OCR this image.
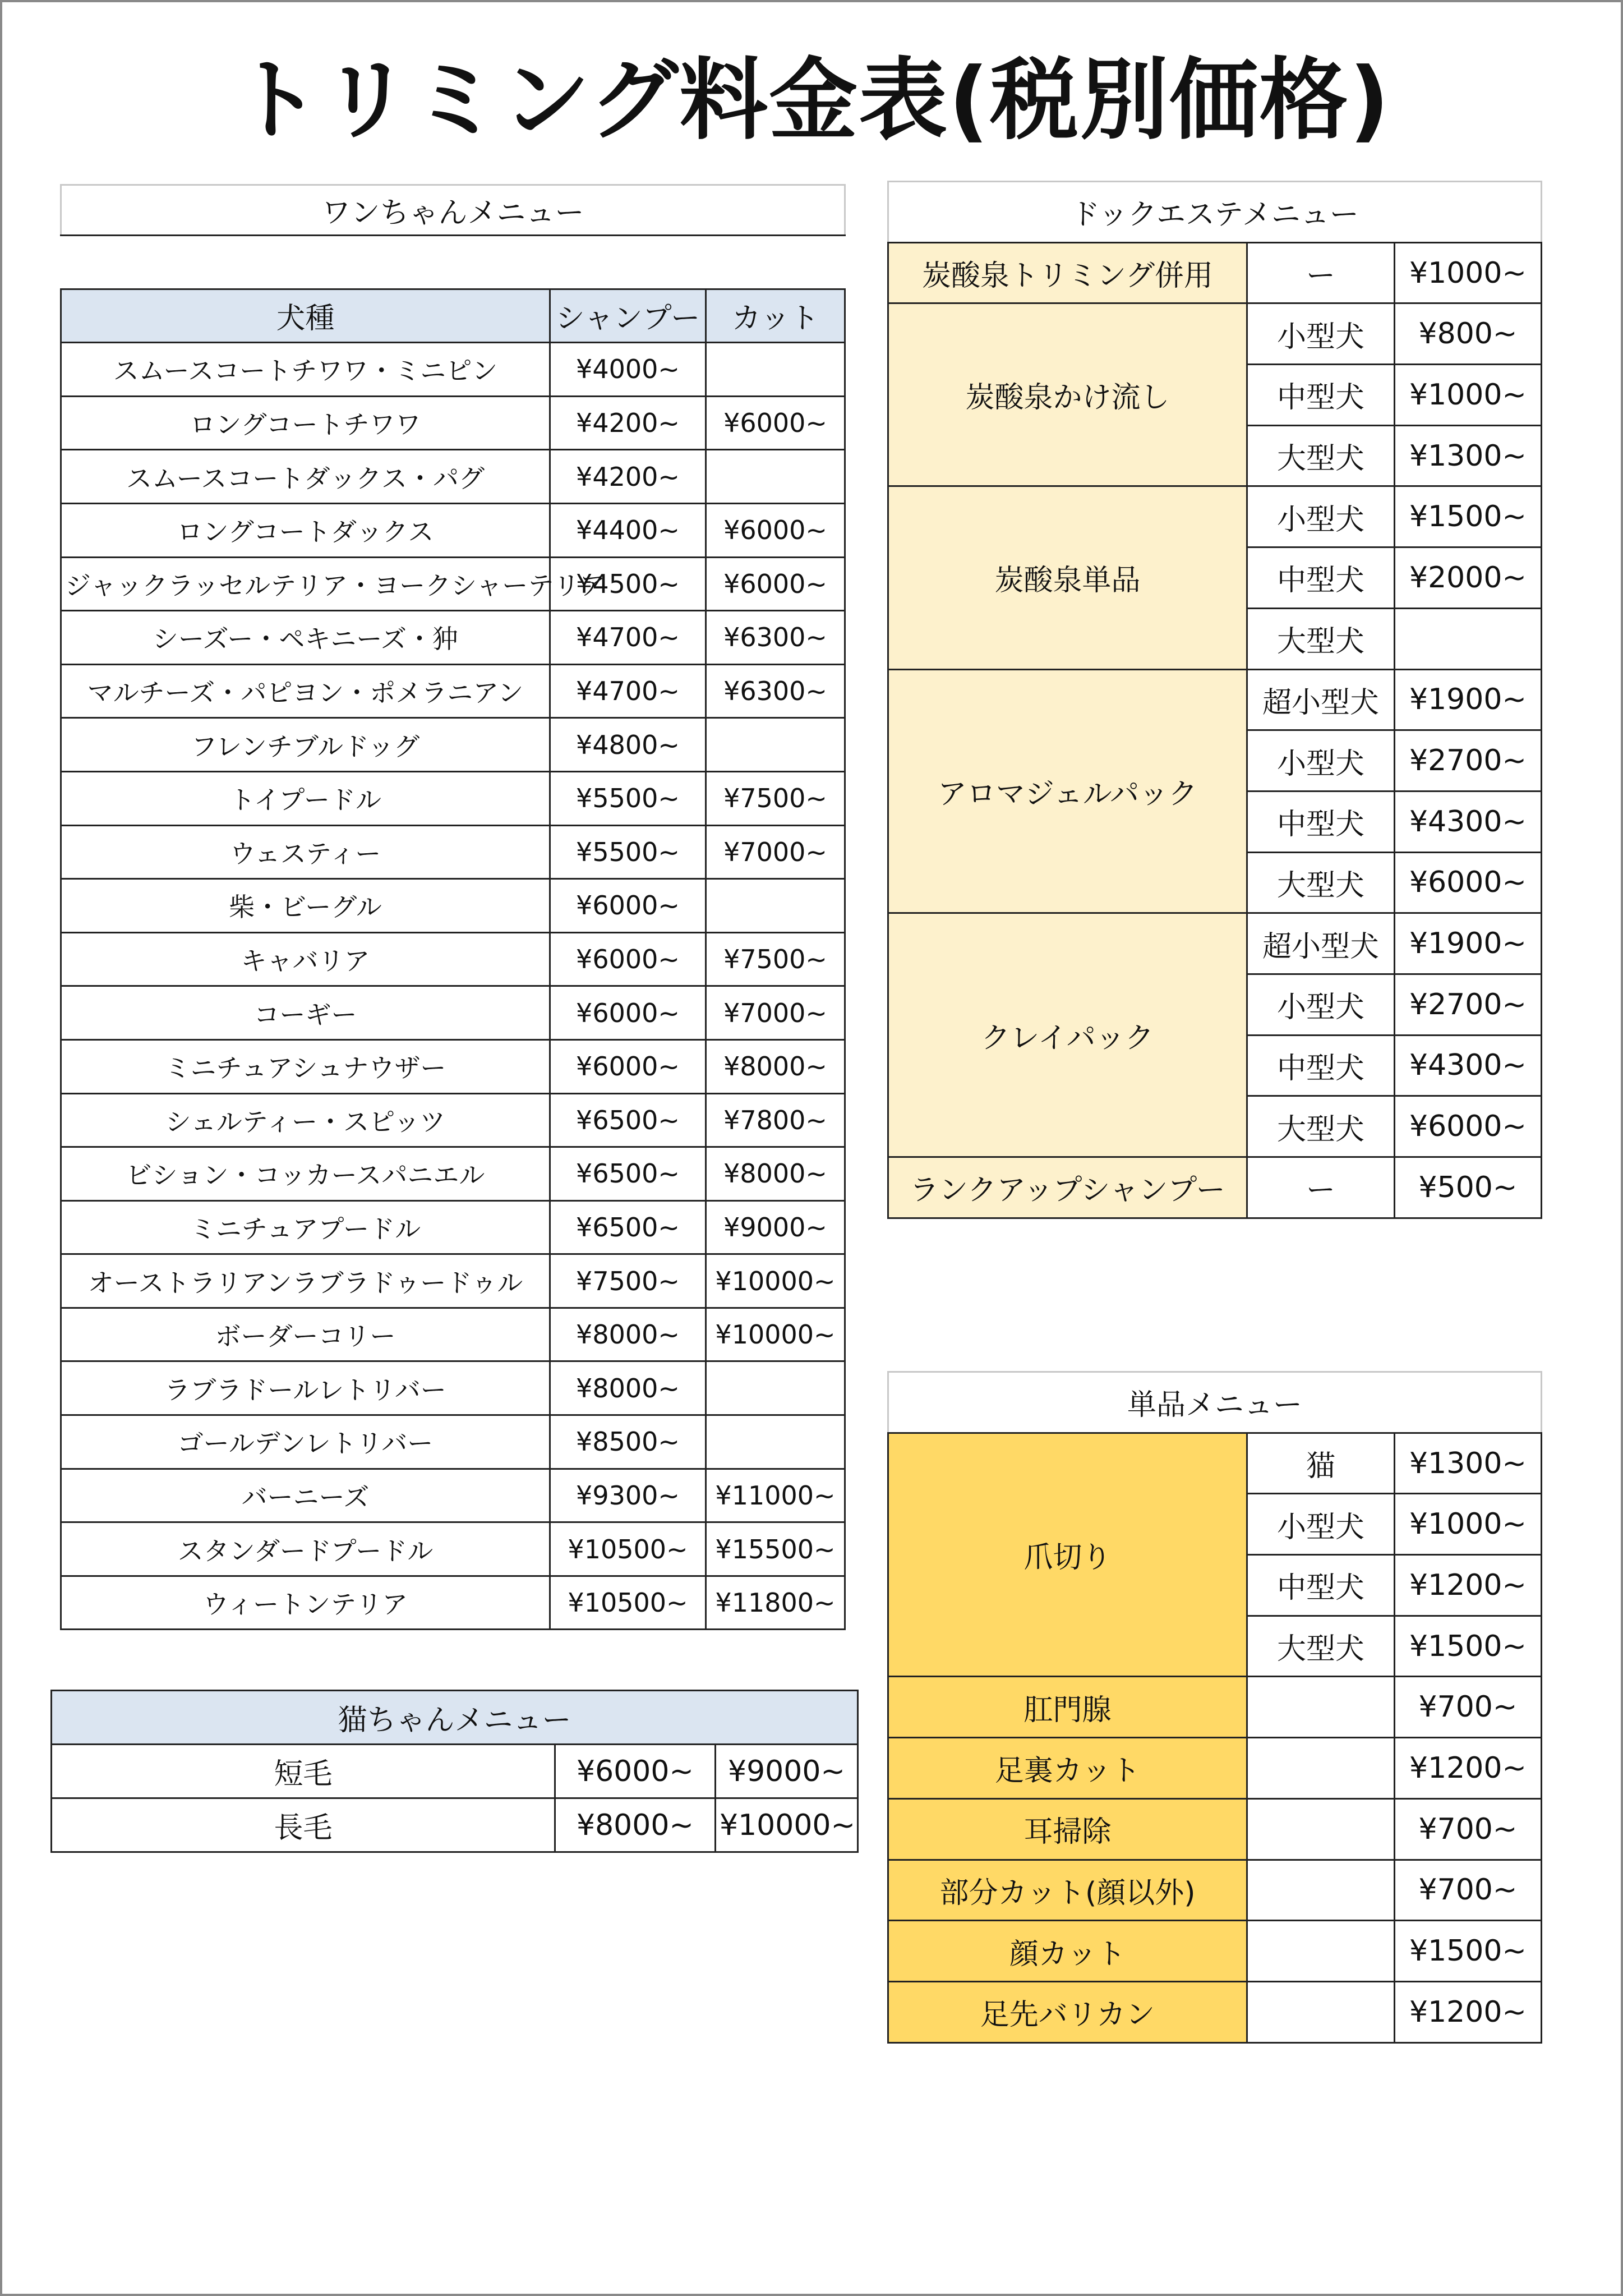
トリミング料金表(税別価格)
ワンちゃんメニュー		

犬種	シャンプー	カット
スムースコートチワワ・ミニピン	¥4000~	
ロングコートチワワ	¥4200~	¥6000~
スムースコートダックス・パグ	¥4200~	
ロングコートダックス	¥4400~	¥6000~
ジャックラッセルテリア・ヨークシャーテリア	¥4500~	¥6000~
シーズー・ペキニーズ・狆	¥4700~	¥6300~
マルチーズ・パピヨン・ポメラニアン	¥4700~	¥6300~
フレンチブルドッグ	¥4800~	
トイプードル	¥5500~	¥7500~
ウェスティー	¥5500~	¥7000~
柴・ビーグル	¥6000~	
キャバリア	¥6000~	¥7500~
コーギー	¥6000~	¥7000~
ミニチュアシュナウザー	¥6000~	¥8000~
シェルティー・スピッツ	¥6500~	¥7800~
ビション・コッカースパニエル	¥6500~	¥8000~
ミニチュアプードル	¥6500~	¥9000~
オーストラリアンラブラドゥードゥル	¥7500~	¥10000~
ボーダーコリー	¥8000~	¥10000~
ラブラドールレトリバー	¥8000~	
ゴールデンレトリバー	¥8500~	
バーニーズ	¥9300~	¥11000~
スタンダードプードル	¥10500~	¥15500~
ウィートンテリア	¥10500~	¥11800~
猫ちゃんメニュー		
短毛	¥6000~	¥9000~
長毛	¥8000~	¥10000~
ドックエステメニュー		
炭酸泉トリミング併用	ー	¥1000~
炭酸泉かけ流し	小型犬	¥800~
	中型犬	¥1000~
	大型犬	¥1300~
炭酸泉単品	小型犬	¥1500~
	中型犬	¥2000~
	大型犬	
アロマジェルパック	超小型犬	¥1900~
	小型犬	¥2700~
	中型犬	¥4300~
	大型犬	¥6000~
クレイパック	超小型犬	¥1900~
	小型犬	¥2700~
	中型犬	¥4300~
	大型犬	¥6000~
ランクアップシャンプー	ー	¥500~
単品メニュー		
爪切り	猫	¥1300~
	小型犬	¥1000~
	中型犬	¥1200~
	大型犬	¥1500~
肛門腺		¥700~
足裏カット		¥1200~
耳掃除		¥700~
部分カット(顔以外)		¥700~
顔カット		¥1500~
足先バリカン		¥1200~
